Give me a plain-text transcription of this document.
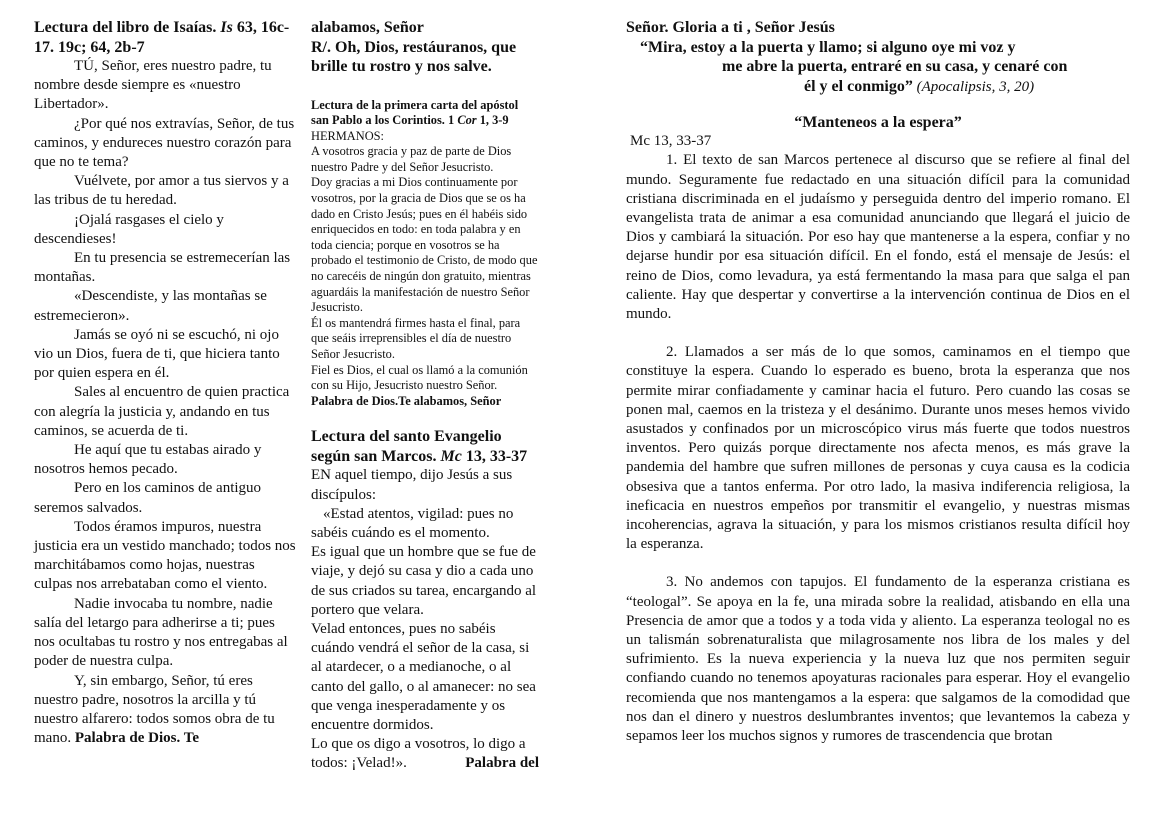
Lectura del libro de Isaías. Is 63, 16c-17. 19c; 64, 2b-7

TÚ, Señor, eres nuestro padre, tu nombre desde siempre es «nuestro Libertador».

¿Por qué nos extravías, Señor, de tus caminos, y endureces nuestro corazón para que no te tema?

Vuélvete, por amor a tus siervos y a las tribus de tu heredad.

¡Ojalá rasgases el cielo y descendieses!

En tu presencia se estremecerían las montañas.

«Descendiste, y las montañas se estremecieron».

Jamás se oyó ni se escuchó, ni ojo vio un Dios, fuera de ti, que hiciera tanto por quien espera en él.

Sales al encuentro de quien practica con alegría la justicia y, andando en tus caminos, se acuerda de ti.

He aquí que tu estabas airado y nosotros hemos pecado.

Pero en los caminos de antiguo seremos salvados.

Todos éramos impuros, nuestra justicia era un vestido manchado; todos nos marchitábamos como hojas, nuestras culpas nos arrebataban como el viento.

Nadie invocaba tu nombre, nadie salía del letargo para adherirse a ti; pues nos ocultabas tu rostro y nos entregabas al poder de nuestra culpa.

Y, sin embargo, Señor, tú eres nuestro padre, nosotros la arcilla y tú nuestro alfarero: todos somos obra de tu mano. Palabra de Dios. Te

alabamos, Señor

R/. Oh, Dios, restáuranos, que brille tu rostro y nos salve.

Lectura de la primera carta del apóstol san Pablo a los Corintios. 1 Cor 1, 3-9

HERMANOS:

A vosotros gracia y paz de parte de Dios nuestro Padre y del Señor Jesucristo.

Doy gracias a mi Dios continuamente por vosotros, por la gracia de Dios que se os ha dado en Cristo Jesús; pues en él habéis sido enriquecidos en todo: en toda palabra y en toda ciencia; porque en vosotros se ha probado el testimonio de Cristo, de modo que no carecéis de ningún don gratuito, mientras aguardáis la manifestación de nuestro Señor Jesucristo.

Él os mantendrá firmes hasta el final, para que seáis irreprensibles el día de nuestro Señor Jesucristo.

Fiel es Dios, el cual os llamó a la comunión con su Hijo, Jesucristo nuestro Señor.

Palabra de Dios.Te alabamos, Señor

Lectura del santo Evangelio según san Marcos. Mc 13, 33-37

EN aquel tiempo, dijo Jesús a sus discípulos:

«Estad atentos, vigilad: pues no sabéis cuándo es el momento.

Es igual que un hombre que se fue de viaje, y dejó su casa y dio a cada uno de sus criados su tarea, encargando al portero que velara.

Velad entonces, pues no sabéis cuándo vendrá el señor de la casa, si al atardecer, o a medianoche, o al canto del gallo, o al amanecer: no sea que venga inesperadamente y os encuentre dormidos.

Lo que os digo a vosotros, lo digo a todos: ¡Velad!».	Palabra del

Señor. Gloria a ti , Señor Jesús

“Mira, estoy a la puerta y llamo; si alguno oye mi voz y

me abre la puerta, entraré en su casa, y cenaré con

él y el conmigo” (Apocalipsis, 3, 20)

“Manteneos a la espera”

Mc 13, 33-37

1. El texto de san Marcos pertenece al discurso que se refiere al final del mundo. Seguramente fue redactado en una situación difícil para la comunidad cristiana discriminada en el judaísmo y perseguida dentro del imperio romano. El evangelista trata de animar a esa comunidad anunciando que llegará el juicio de Dios y cambiará la situación. Por eso hay que mantenerse a la espera, confiar y no dejarse hundir por esa situación difícil. En el fondo, está el mensaje de Jesús: el reino de Dios, como levadura, ya está fermentando la masa para que salga el pan caliente. Hay que despertar y convertirse a la intervención continua de Dios en el mundo.

2. Llamados a ser más de lo que somos, caminamos en el tiempo que constituye la espera. Cuando lo esperado es bueno, brota la esperanza que nos permite mirar confiadamente y caminar hacia el futuro. Pero cuando las cosas se ponen mal, caemos en la tristeza y el desánimo. Durante unos meses hemos vivido asustados y confinados por un microscópico virus más fuerte que todos nuestros inventos. Pero quizás porque directamente nos afecta menos, es más grave la pandemia del hambre que sufren millones de personas y cuya causa es la codicia obsesiva que a tantos enferma. Por otro lado, la masiva indiferencia religiosa, la ineficacia en nuestros empeños por transmitir el evangelio, y nuestras mismas incoherencias, agrava la situación, y para los mismos cristianos resulta difícil hoy la esperanza.

3. No andemos con tapujos. El fundamento de la esperanza cristiana es “teologal”. Se apoya en la fe, una mirada sobre la realidad, atisbando en ella una Presencia de amor que a todos y a toda vida y aliento. La esperanza teologal no es un talismán sobrenaturalista que milagrosamente nos libra de los males y del sufrimiento. Es la nueva experiencia y la nueva luz que nos permiten seguir confiando cuando no tenemos apoyaturas racionales para esperar. Hoy el evangelio recomienda que nos mantengamos a la espera: que salgamos de la comodidad que nos dan el dinero y nuestros deslumbrantes inventos; que levantemos la cabeza y sepamos leer los muchos signos y rumores de trascendencia que brotan
